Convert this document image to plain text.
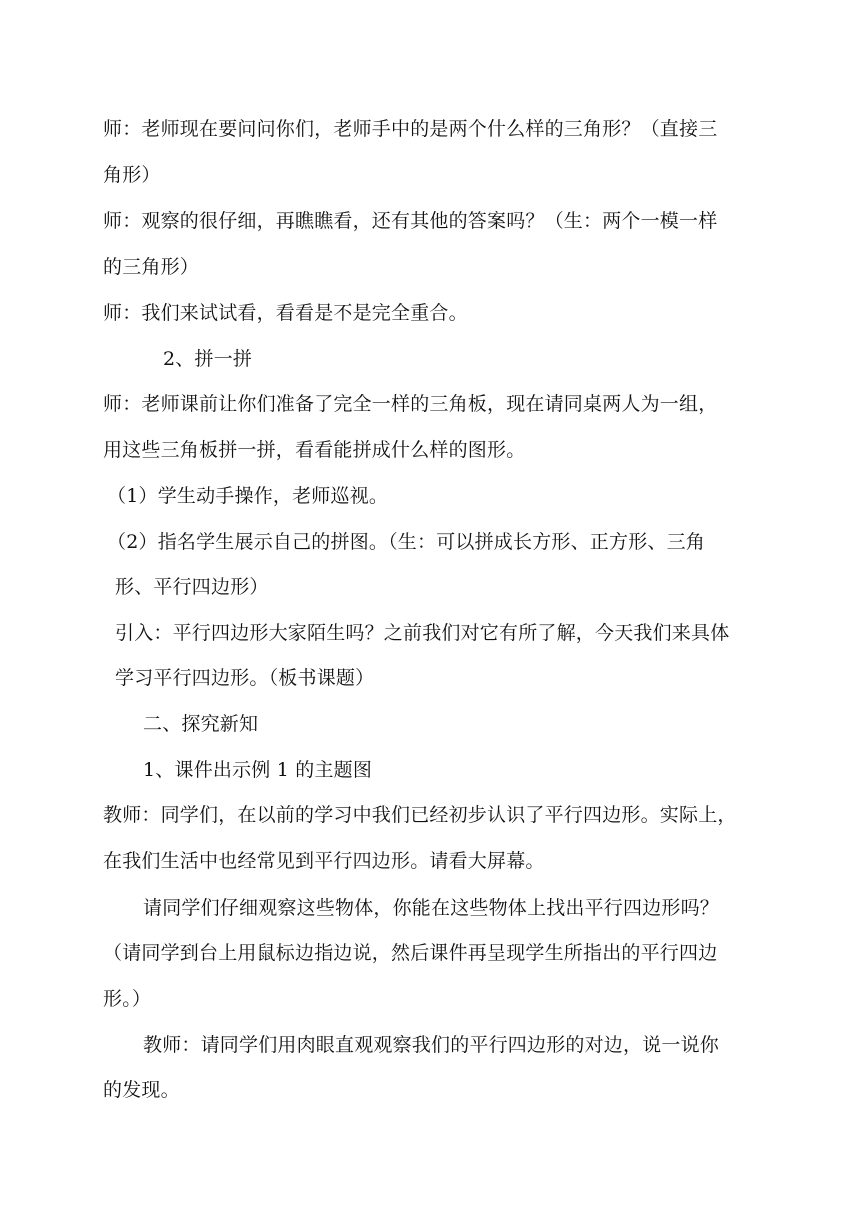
师：老师现在要问问你们，老师手中的是两个什么样的三角形？（直接三
角形）
师：观察的很仔细，再瞧瞧看，还有其他的答案吗？（生：两个一模一样
的三角形）
师：我们来试试看，看看是不是完全重合。
2、拼一拼
师：老师课前让你们准备了完全一样的三角板，现在请同桌两人为一组，
用这些三角板拼一拼，看看能拼成什么样的图形。
（1）学生动手操作，老师巡视。
（2）指名学生展示自己的拼图。（生：可以拼成长方形、正方形、三角
形、平行四边形）
引入：平行四边形大家陌生吗？之前我们对它有所了解，今天我们来具体
学习平行四边形。（板书课题）
二、探究新知
1、课件出示例 1 的主题图
教师：同学们，在以前的学习中我们已经初步认识了平行四边形。实际上，
在我们生活中也经常见到平行四边形。请看大屏幕。
请同学们仔细观察这些物体，你能在这些物体上找出平行四边形吗？
（请同学到台上用鼠标边指边说，然后课件再呈现学生所指出的平行四边
形。）
教师：请同学们用肉眼直观观察我们的平行四边形的对边，说一说你
的发现。
